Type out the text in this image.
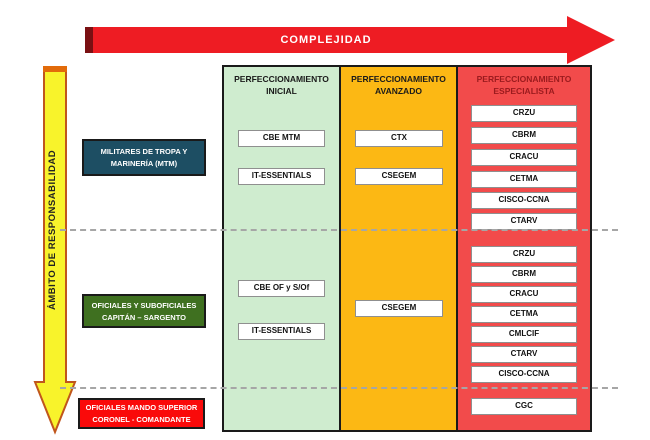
COMPLEJIDAD
ÁMBITO DE RESPONSABILIDAD
PERFECCIONAMIENTO INICIAL
PERFECCIONAMIENTO AVANZADO
PERFECCIONAMIENTO ESPECIALISTA
MILITARES DE TROPA Y
MARINERÍA (MTM)
OFICIALES Y SUBOFICIALES
CAPITÁN – SARGENTO
OFICIALES MANDO SUPERIOR
CORONEL - COMANDANTE
CBE MTM
IT-ESSENTIALS
CTX
CSEGEM
CRZU
CBRM
CRACU
CETMA
CISCO-CCNA
CTARV
CBE OF y S/Of
IT-ESSENTIALS
CSEGEM
CRZU
CBRM
CRACU
CETMA
CMLCIF
CTARV
CISCO-CCNA
CGC
